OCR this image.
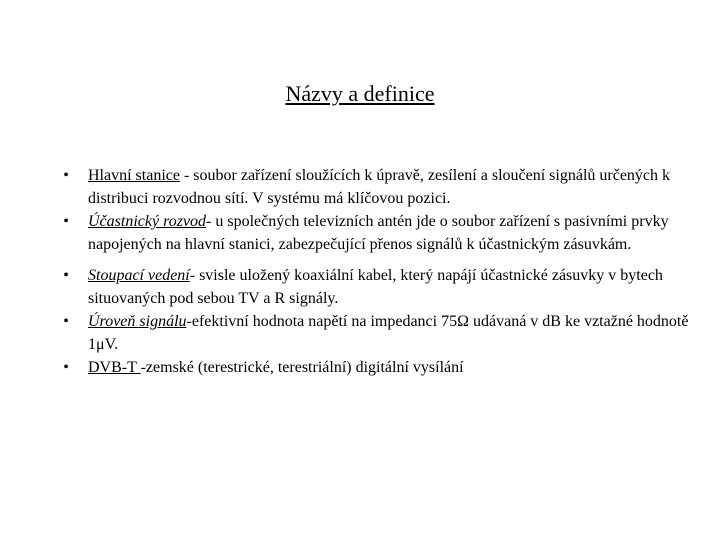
Názvy a definice
•	Hlavní stanice - soubor zařízení sloužících k úpravě, zesílení a sloučení signálů určených k distribuci rozvodnou sítí. V systému má klíčovou pozici.
•	Účastnický rozvod- u společných televizních antén jde o soubor zařízení s pasivními prvky napojených na hlavní stanici, zabezpečující přenos signálů k účastnickým zásuvkám.
•	Stoupací vedení- svisle uložený koaxiální kabel, který napájí účastnické zásuvky v bytech situovaných pod sebou TV a R signály.
•	Úroveň signálu-efektivní hodnota napětí na impedanci 75Ω udávaná v dB ke vztažné hodnotě 1μV.
•	DVB-T -zemské (terestrické, terestriální) digitální vysílání
